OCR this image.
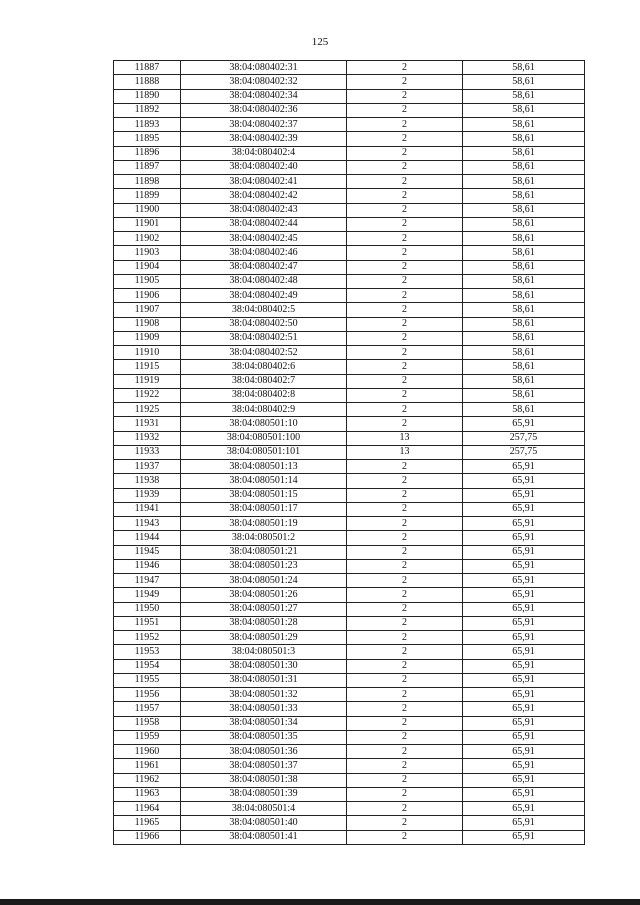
125
11887	38:04:080402:31	2	58,61
11888	38:04:080402:32	2	58,61
11890	38:04:080402:34	2	58,61
11892	38:04:080402:36	2	58,61
11893	38:04:080402:37	2	58,61
11895	38:04:080402:39	2	58,61
11896	38:04:080402:4	2	58,61
11897	38:04:080402:40	2	58,61
11898	38:04:080402:41	2	58,61
11899	38:04:080402:42	2	58,61
11900	38:04:080402:43	2	58,61
11901	38:04:080402:44	2	58,61
11902	38:04:080402:45	2	58,61
11903	38:04:080402:46	2	58,61
11904	38:04:080402:47	2	58,61
11905	38:04:080402:48	2	58,61
11906	38:04:080402:49	2	58,61
11907	38:04:080402:5	2	58,61
11908	38:04:080402:50	2	58,61
11909	38:04:080402:51	2	58,61
11910	38:04:080402:52	2	58,61
11915	38:04:080402:6	2	58,61
11919	38:04:080402:7	2	58,61
11922	38:04:080402:8	2	58,61
11925	38:04:080402:9	2	58,61
11931	38:04:080501:10	2	65,91
11932	38:04:080501:100	13	257,75
11933	38:04:080501:101	13	257,75
11937	38:04:080501:13	2	65,91
11938	38:04:080501:14	2	65,91
11939	38:04:080501:15	2	65,91
11941	38:04:080501:17	2	65,91
11943	38:04:080501:19	2	65,91
11944	38:04:080501:2	2	65,91
11945	38:04:080501:21	2	65,91
11946	38:04:080501:23	2	65,91
11947	38:04:080501:24	2	65,91
11949	38:04:080501:26	2	65,91
11950	38:04:080501:27	2	65,91
11951	38:04:080501:28	2	65,91
11952	38:04:080501:29	2	65,91
11953	38:04:080501:3	2	65,91
11954	38:04:080501:30	2	65,91
11955	38:04:080501:31	2	65,91
11956	38:04:080501:32	2	65,91
11957	38:04:080501:33	2	65,91
11958	38:04:080501:34	2	65,91
11959	38:04:080501:35	2	65,91
11960	38:04:080501:36	2	65,91
11961	38:04:080501:37	2	65,91
11962	38:04:080501:38	2	65,91
11963	38:04:080501:39	2	65,91
11964	38:04:080501:4	2	65,91
11965	38:04:080501:40	2	65,91
11966	38:04:080501:41	2	65,91
